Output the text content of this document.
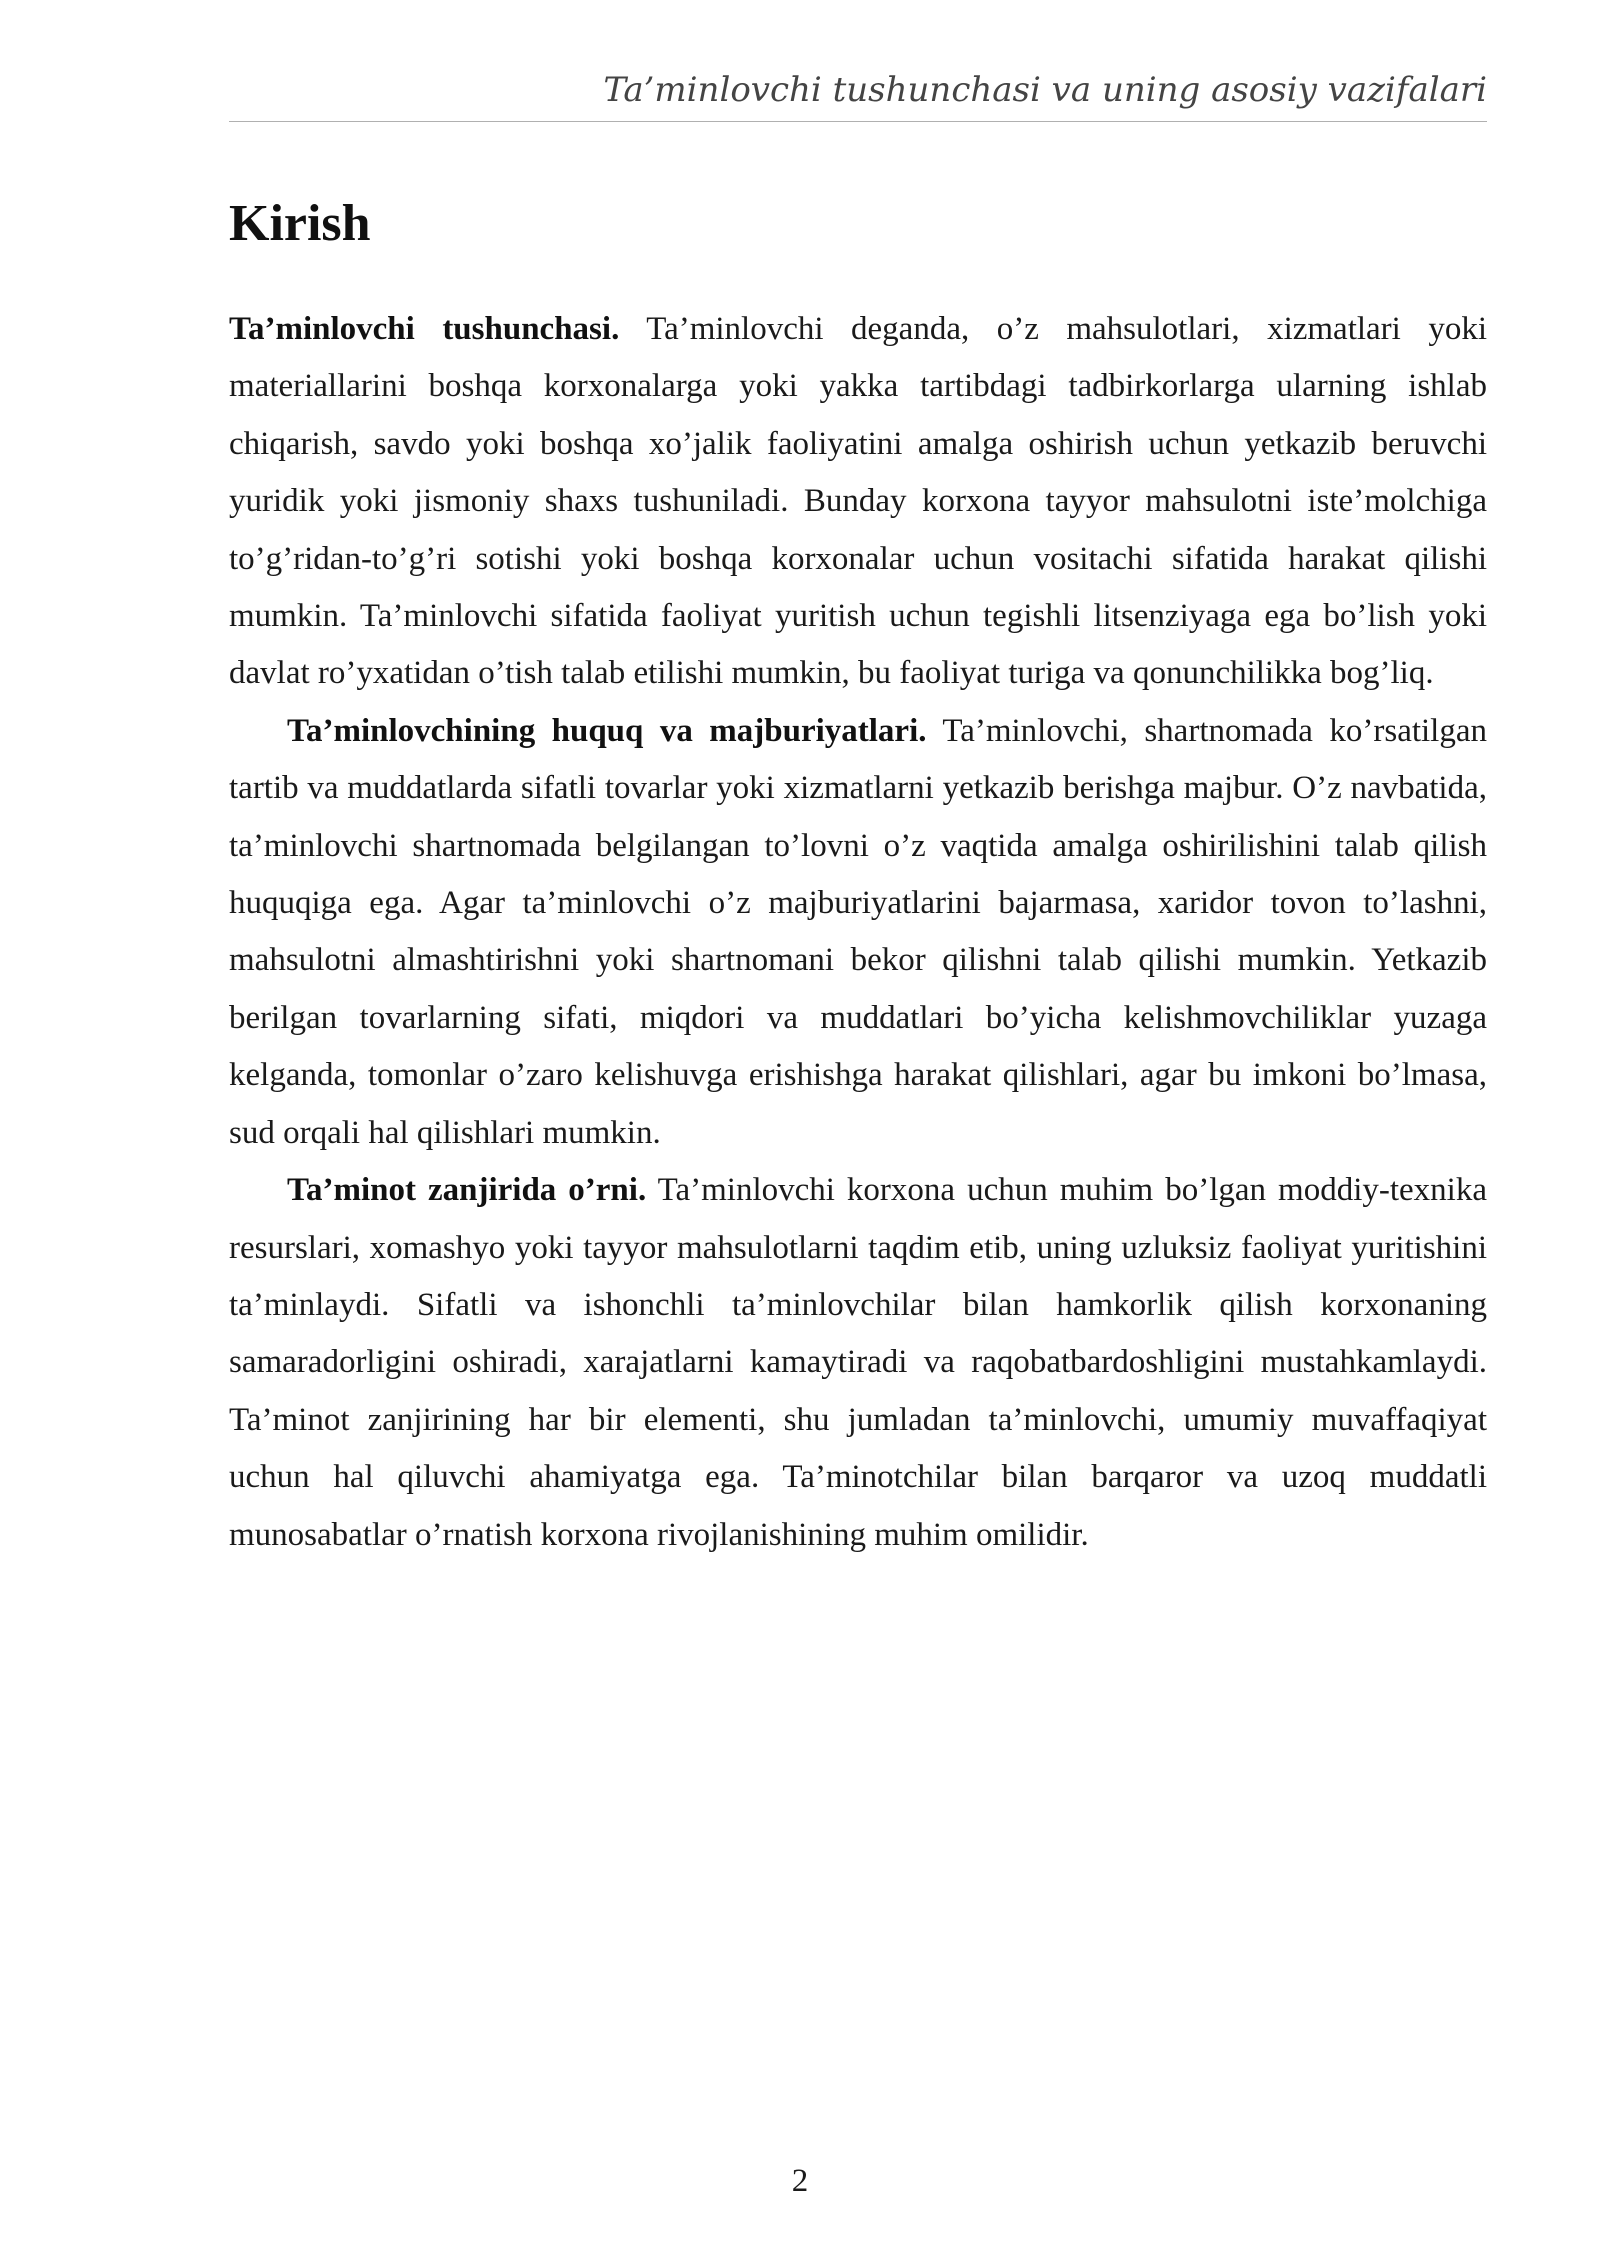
Ta’minlovchi tushunchasi va uning asosiy vazifalari
Kirish

Ta’minlovchi tushunchasi. Ta’minlovchi deganda, o’z mahsulotlari, xizmatlari yoki materiallarini boshqa korxonalarga yoki yakka tartibdagi tadbirkorlarga ularning ishlab chiqarish, savdo yoki boshqa xo’jalik faoliyatini amalga oshirish uchun yetkazib beruvchi yuridik yoki jismoniy shaxs tushuniladi. Bunday korxona tayyor mahsulotni iste’molchiga to’g’ridan-to’g’ri sotishi yoki boshqa korxonalar uchun vositachi sifatida harakat qilishi mumkin. Ta’minlovchi sifatida faoliyat yuritish uchun tegishli litsenziyaga ega bo’lish yoki davlat ro’yxatidan o’tish talab etilishi mumkin, bu faoliyat turiga va qonunchilikka bog’liq.

Ta’minlovchining huquq va majburiyatlari. Ta’minlovchi, shartnomada ko’rsatilgan tartib va muddatlarda sifatli tovarlar yoki xizmatlarni yetkazib berishga majbur. O’z navbatida, ta’minlovchi shartnomada belgilangan to’lovni o’z vaqtida amalga oshirilishini talab qilish huquqiga ega. Agar ta’minlovchi o’z majburiyatlarini bajarmasa, xaridor tovon to’lashni, mahsulotni almashtirishni yoki shartnomani bekor qilishni talab qilishi mumkin. Yetkazib berilgan tovarlarning sifati, miqdori va muddatlari bo’yicha kelishmovchiliklar yuzaga kelganda, tomonlar o’zaro kelishuvga erishishga harakat qilishlari, agar bu imkoni bo’lmasa, sud orqali hal qilishlari mumkin.

Ta’minot zanjirida o’rni. Ta’minlovchi korxona uchun muhim bo’lgan moddiy-texnika resurslari, xomashyo yoki tayyor mahsulotlarni taqdim etib, uning uzluksiz faoliyat yuritishini ta’minlaydi. Sifatli va ishonchli ta’minlovchilar bilan hamkorlik qilish korxonaning samaradorligini oshiradi, xarajatlarni kamaytiradi va raqobatbardoshligini mustahkamlaydi. Ta’minot zanjirining har bir elementi, shu jumladan ta’minlovchi, umumiy muvaffaqiyat uchun hal qiluvchi ahamiyatga ega. Ta’minotchilar bilan barqaror va uzoq muddatli munosabatlar o’rnatish korxona rivojlanishining muhim omilidir.

2
